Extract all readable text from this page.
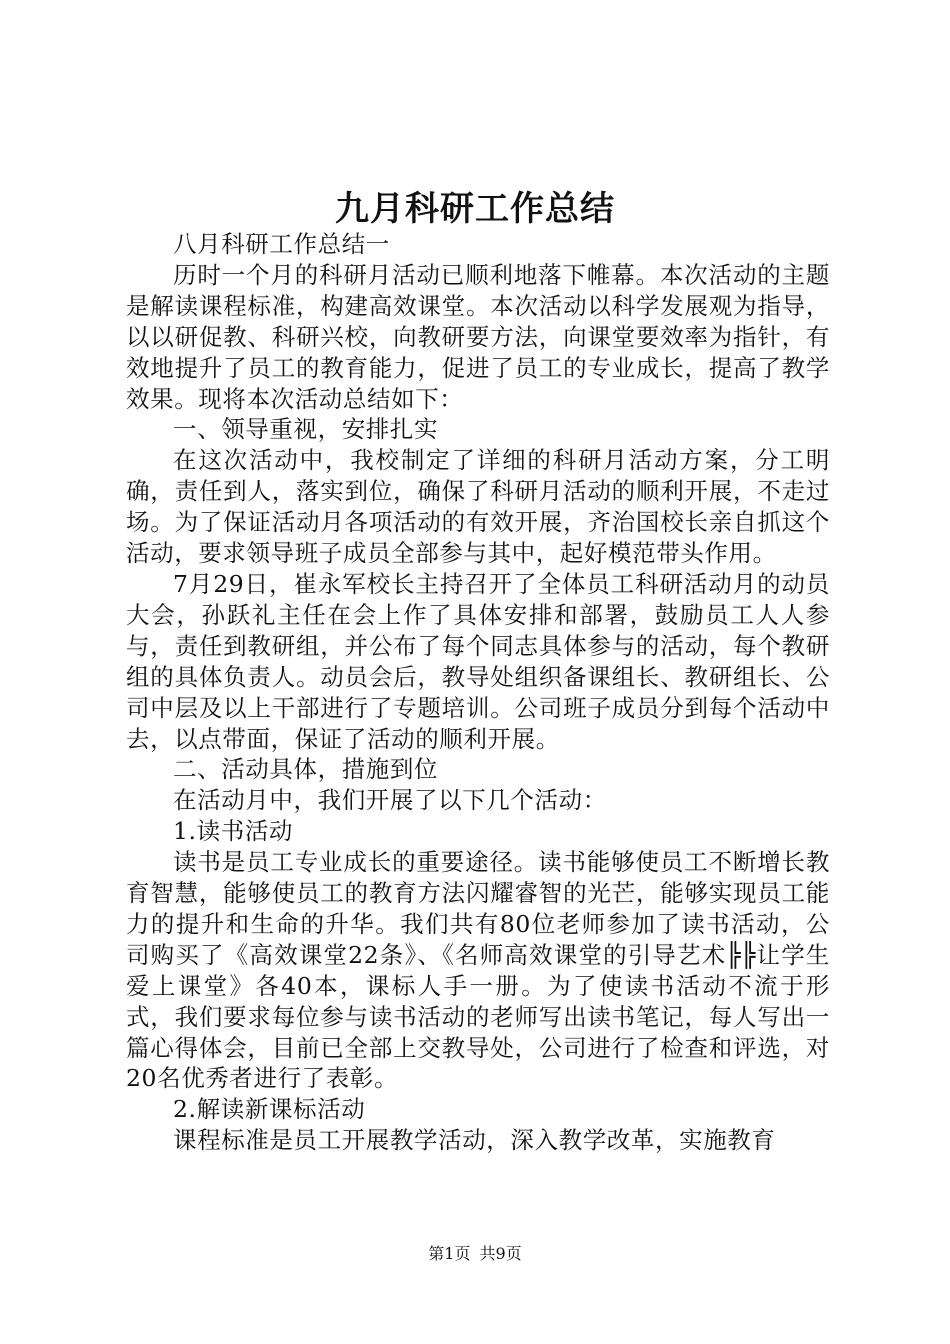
九月科研工作总结

八月科研工作总结一

历时一个月的科研月活动已顺利地落下帷幕。本次活动的主题是解读课程标准，构建高效课堂。本次活动以科学发展观为指导，以以研促教、科研兴校，向教研要方法，向课堂要效率为指针，有效地提升了员工的教育能力，促进了员工的专业成长，提高了教学效果。现将本次活动总结如下：

一、领导重视，安排扎实

在这次活动中，我校制定了详细的科研月活动方案，分工明确，责任到人，落实到位，确保了科研月活动的顺利开展，不走过场。为了保证活动月各项活动的有效开展，齐治国校长亲自抓这个活动，要求领导班子成员全部参与其中，起好模范带头作用。

7月29日，崔永军校长主持召开了全体员工科研活动月的动员大会，孙跃礼主任在会上作了具体安排和部署，鼓励员工人人参与，责任到教研组，并公布了每个同志具体参与的活动，每个教研组的具体负责人。动员会后，教导处组织备课组长、教研组长、公司中层及以上干部进行了专题培训。公司班子成员分到每个活动中去，以点带面，保证了活动的顺利开展。

二、活动具体，措施到位

在活动月中，我们开展了以下几个活动：

1.读书活动

读书是员工专业成长的重要途径。读书能够使员工不断增长教育智慧，能够使员工的教育方法闪耀睿智的光芒，能够实现员工能力的提升和生命的升华。我们共有80位老师参加了读书活动，公司购买了《高效课堂22条》、《名师高效课堂的引导艺术╠╠让学生爱上课堂》各40本，课标人手一册。为了使读书活动不流于形式，我们要求每位参与读书活动的老师写出读书笔记，每人写出一篇心得体会，目前已全部上交教导处，公司进行了检查和评选，对20名优秀者进行了表彰。

2.解读新课标活动

课程标准是员工开展教学活动，深入教学改革，实施教育

第1页 共9页
